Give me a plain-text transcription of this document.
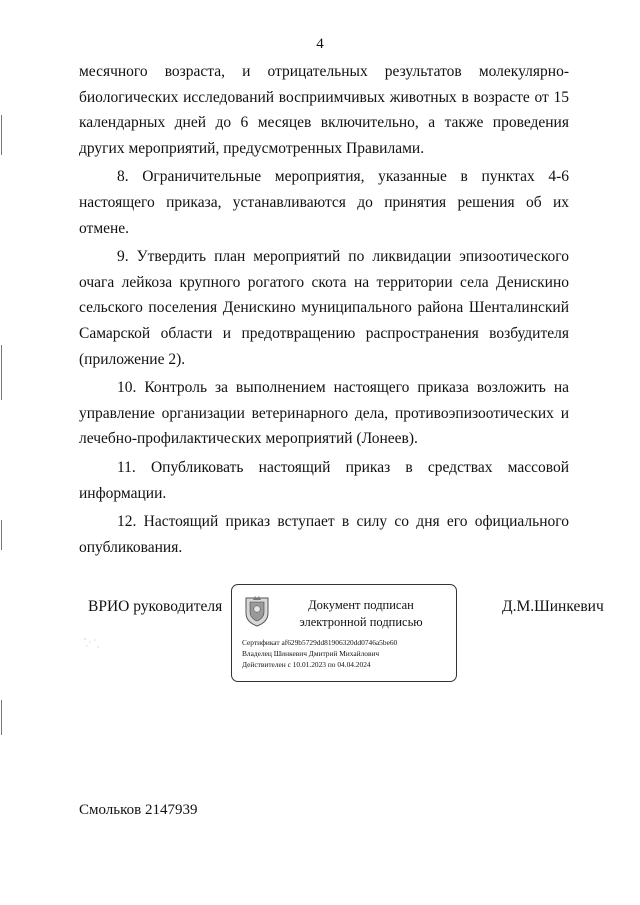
4

месячного возраста, и отрицательных результатов молекулярно-биологических исследований восприимчивых животных в возрасте от 15 календарных дней до 6 месяцев включительно, а также проведения других мероприятий, предусмотренных Правилами.

8. Ограничительные мероприятия, указанные в пунктах 4-6 настоящего приказа, устанавливаются до принятия решения об их отмене.

9. Утвердить план мероприятий по ликвидации эпизоотического очага лейкоза крупного рогатого скота на территории села Денискино сельского поселения Денискино муниципального района Шенталинский Самарской области и предотвращению распространения возбудителя (приложение 2).

10. Контроль за выполнением настоящего приказа возложить на управление организации ветеринарного дела, противоэпизоотических и лечебно-профилактических мероприятий (Лонеев).

11. Опубликовать настоящий приказ в средствах массовой информации.

12. Настоящий приказ вступает в силу со дня его официального опубликования.

ВРИО руководителя	Документ подписан
электронной подписью
Сертификат af629b5729dd81906320dd0746a5be60
Владелец Шинкевич Дмитрий Михайлович
Действителен с 10.01.2023 по 04.04.2024
Д.М.Шинкевич
Смольков 2147939
